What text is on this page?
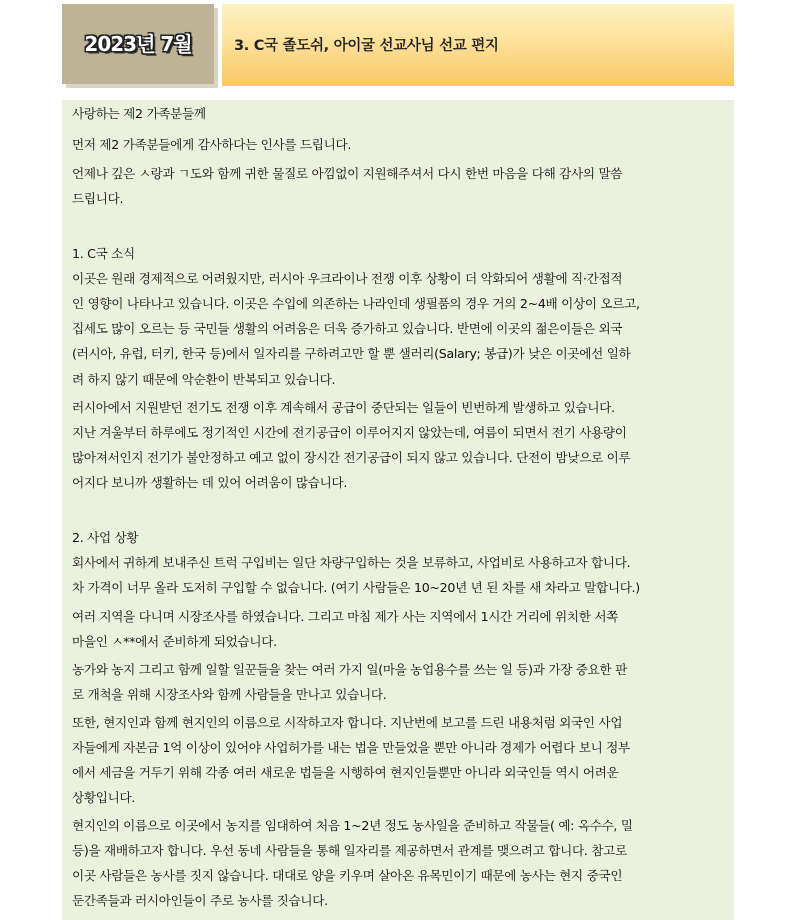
2023년 7월	3. C국 졸도쉬, 아이굴 선교사님 선교 편지
사랑하는 제2 가족분들께
먼저 제2 가족분들에게 감사하다는 인사를 드립니다.
언제나 깊은 ㅅ랑과 ㄱ도와 함께 귀한 물질로 아낌없이 지원해주셔서 다시 한번 마음을 다해 감사의 말씀
드립니다.
1. C국 소식
이곳은 원래 경제적으로 어려웠지만, 러시아 우크라이나 전쟁 이후 상황이 더 악화되어 생활에 직·간접적
인 영향이 나타나고 있습니다. 이곳은 수입에 의존하는 나라인데 생필품의 경우 거의 2~4배 이상이 오르고,
집세도 많이 오르는 등 국민들 생활의 어려움은 더욱 증가하고 있습니다. 반면에 이곳의 젊은이들은 외국
(러시아, 유럽, 터키, 한국 등)에서 일자리를 구하려고만 할 뿐 샐러리(Salary; 봉급)가 낮은 이곳에선 일하
려 하지 않기 때문에 악순환이 반복되고 있습니다.
러시아에서 지원받던 전기도 전쟁 이후 계속해서 공급이 중단되는 일들이 빈번하게 발생하고 있습니다.
지난 겨울부터 하루에도 정기적인 시간에 전기공급이 이루어지지 않았는데, 여름이 되면서 전기 사용량이
많아져서인지 전기가 불안정하고 예고 없이 장시간 전기공급이 되지 않고 있습니다. 단전이 밤낮으로 이루
어지다 보니까 생활하는 데 있어 어려움이 많습니다.
2. 사업 상황
회사에서 귀하게 보내주신 트럭 구입비는 일단 차량구입하는 것을 보류하고, 사업비로 사용하고자 합니다.
차 가격이 너무 올라 도저히 구입할 수 없습니다. (여기 사람들은 10~20년 년 된 차를 새 차라고 말합니다.)
여러 지역을 다니며 시장조사를 하였습니다. 그리고 마침 제가 사는 지역에서 1시간 거리에 위치한 서쪽
마을인 ㅅ**에서 준비하게 되었습니다.
농가와 농지 그리고 함께 일할 일꾼들을 찾는 여러 가지 일(마을 농업용수를 쓰는 일 등)과 가장 중요한 판
로 개척을 위해 시장조사와 함께 사람들을 만나고 있습니다.
또한, 현지인과 함께 현지인의 이름으로 시작하고자 합니다. 지난번에 보고를 드린 내용처럼 외국인 사업
자들에게 자본금 1억 이상이 있어야 사업허가를 내는 법을 만들었을 뿐만 아니라 경제가 어렵다 보니 정부
에서 세금을 거두기 위해 각종 여러 새로운 법들을 시행하여 현지인들뿐만 아니라 외국인들 역시 어려운
상황입니다.
현지인의 이름으로 이곳에서 농지를 임대하여 처음 1~2년 정도 농사일을 준비하고 작물들( 예: 옥수수, 밀
등)을 재배하고자 합니다. 우선 동네 사람들을 통해 일자리를 제공하면서 관계를 맺으려고 합니다. 참고로
이곳 사람들은 농사를 짓지 않습니다. 대대로 양을 키우며 살아온 유목민이기 때문에 농사는 현지 중국인
둔간족들과 러시아인들이 주로 농사를 짓습니다.
